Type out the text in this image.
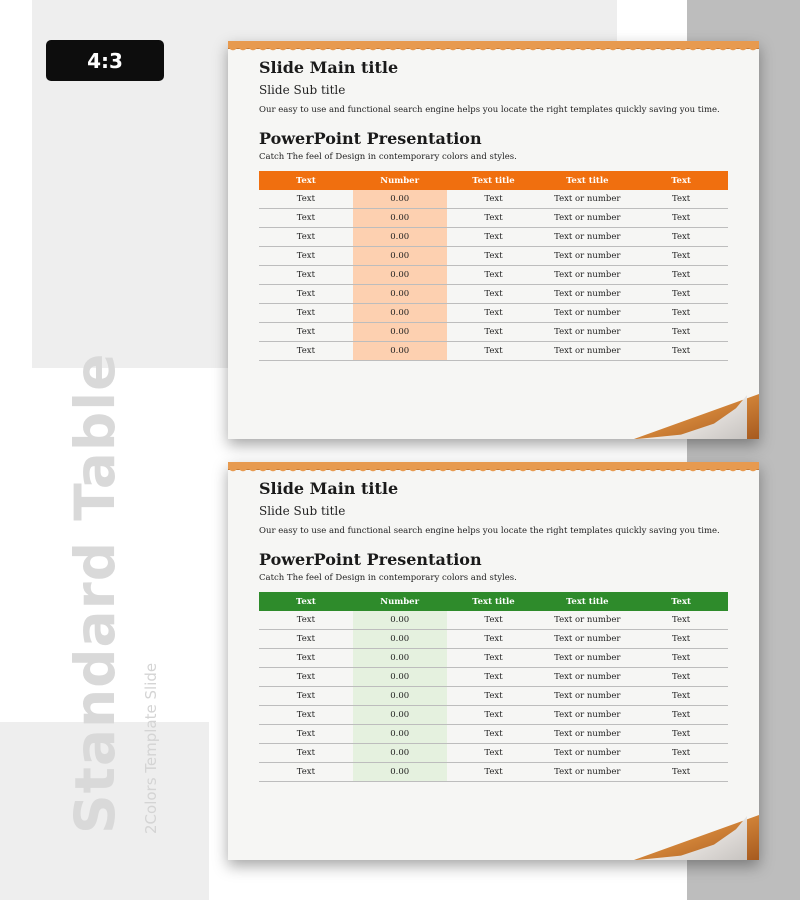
4:3
Standard Table 2Colors Template Slide
Slide Main title
Slide Sub title
Our easy to use and functional search engine helps you locate the right templates quickly saving you time.
PowerPoint Presentation
Catch The feel of Design in contemporary colors and styles.
Text	Number	Text title	Text title	Text
Text	0.00	Text	Text or number	Text
Text	0.00	Text	Text or number	Text
Text	0.00	Text	Text or number	Text
Text	0.00	Text	Text or number	Text
Text	0.00	Text	Text or number	Text
Text	0.00	Text	Text or number	Text
Text	0.00	Text	Text or number	Text
Text	0.00	Text	Text or number	Text
Text	0.00	Text	Text or number	Text
Slide Main title
Slide Sub title
Our easy to use and functional search engine helps you locate the right templates quickly saving you time.
PowerPoint Presentation
Catch The feel of Design in contemporary colors and styles.
Text	Number	Text title	Text title	Text
Text	0.00	Text	Text or number	Text
Text	0.00	Text	Text or number	Text
Text	0.00	Text	Text or number	Text
Text	0.00	Text	Text or number	Text
Text	0.00	Text	Text or number	Text
Text	0.00	Text	Text or number	Text
Text	0.00	Text	Text or number	Text
Text	0.00	Text	Text or number	Text
Text	0.00	Text	Text or number	Text
